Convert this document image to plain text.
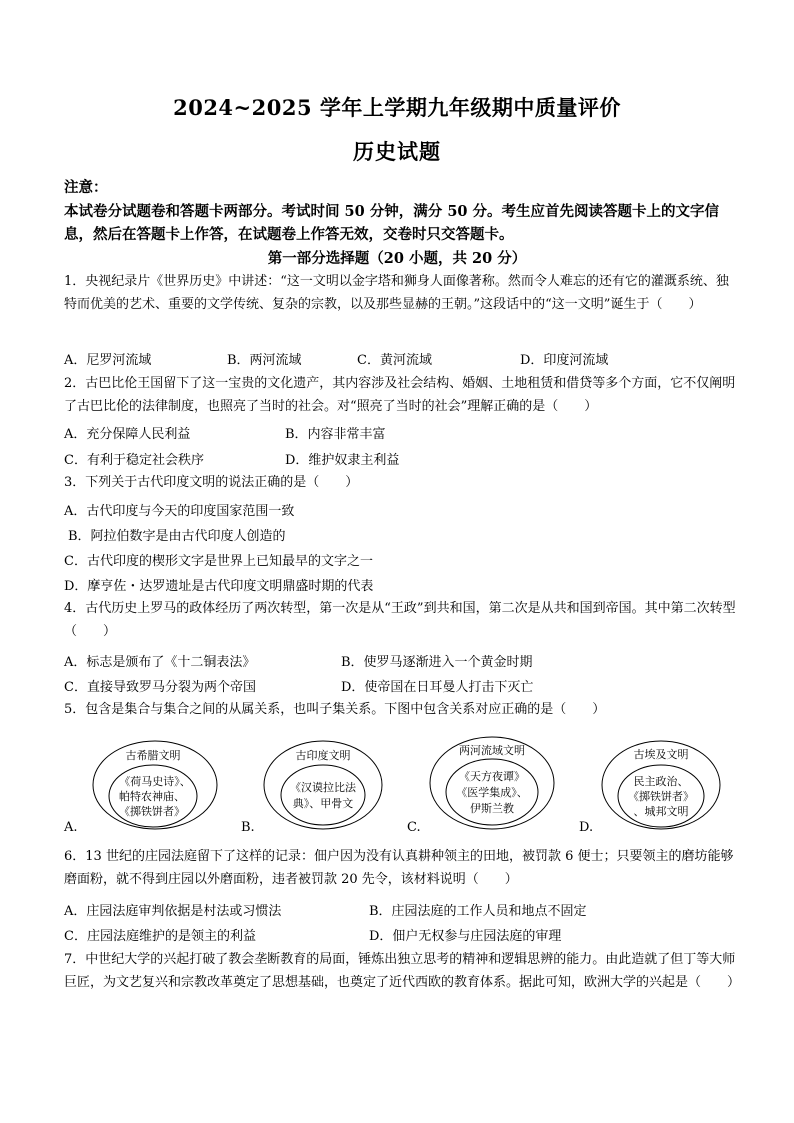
2024~2025 学年上学期九年级期中质量评价
历史试题
注意：
本试卷分试题卷和答题卡两部分。考试时间 50 分钟，满分 50 分。考生应首先阅读答题卡上的文字信息，然后在答题卡上作答，在试题卷上作答无效，交卷时只交答题卡。
第一部分选择题（20 小题，共 20 分）
1．央视纪录片《世界历史》中讲述：“这一文明以金字塔和狮身人面像著称。然而令人难忘的还有它的灌溉系统、独特而优美的艺术、重要的文学传统、复杂的宗教，以及那些显赫的王朝。”这段话中的“这一文明”诞生于（　　）
A．尼罗河流域	B．两河流域	C．黄河流域	D．印度河流域
2．古巴比伦王国留下了这一宝贵的文化遗产，其内容涉及社会结构、婚姻、土地租赁和借贷等多个方面，它不仅阐明了古巴比伦的法律制度，也照亮了当时的社会。对“照亮了当时的社会”理解正确的是（　　）
A．充分保障人民利益	B．内容非常丰富
C．有利于稳定社会秩序	D．维护奴隶主利益
3．下列关于古代印度文明的说法正确的是（　　）
A．古代印度与今天的印度国家范围一致
B．阿拉伯数字是由古代印度人创造的
C．古代印度的楔形文字是世界上已知最早的文字之一
D．摩亨佐・达罗遗址是古代印度文明鼎盛时期的代表
4．古代历史上罗马的政体经历了两次转型，第一次是从“王政”到共和国，第二次是从共和国到帝国。其中第二次转型（　　）
A．标志是颁布了《十二铜表法》	B．使罗马逐渐进入一个黄金时期
C．直接导致罗马分裂为两个帝国	D．使帝国在日耳曼人打击下灭亡
5．包含是集合与集合之间的从属关系，也叫子集关系。下图中包含关系对应正确的是（　　）
古希腊文明
《荷马史诗》、
帕特农神庙、
《掷铁饼者》
A.
古印度文明
《汉谟拉比法
典》、甲骨文
B.
两河流域文明
《天方夜谭》
《医学集成》、
伊斯兰教
C.
古埃及文明
民主政治、
《掷铁饼者》
、城邦文明
D.
6．13 世纪的庄园法庭留下了这样的记录：佃户因为没有认真耕种领主的田地，被罚款 6 便士；只要领主的磨坊能够磨面粉，就不得到庄园以外磨面粉，违者被罚款 20 先令，该材料说明（　　）
A．庄园法庭审判依据是村法或习惯法	B．庄园法庭的工作人员和地点不固定
C．庄园法庭维护的是领主的利益	D．佃户无权参与庄园法庭的审理
7．中世纪大学的兴起打破了教会垄断教育的局面，锤炼出独立思考的精神和逻辑思辨的能力。由此造就了但丁等大师巨匠，为文艺复兴和宗教改革奠定了思想基础，也奠定了近代西欧的教育体系。据此可知，欧洲大学的兴起是（　　）
